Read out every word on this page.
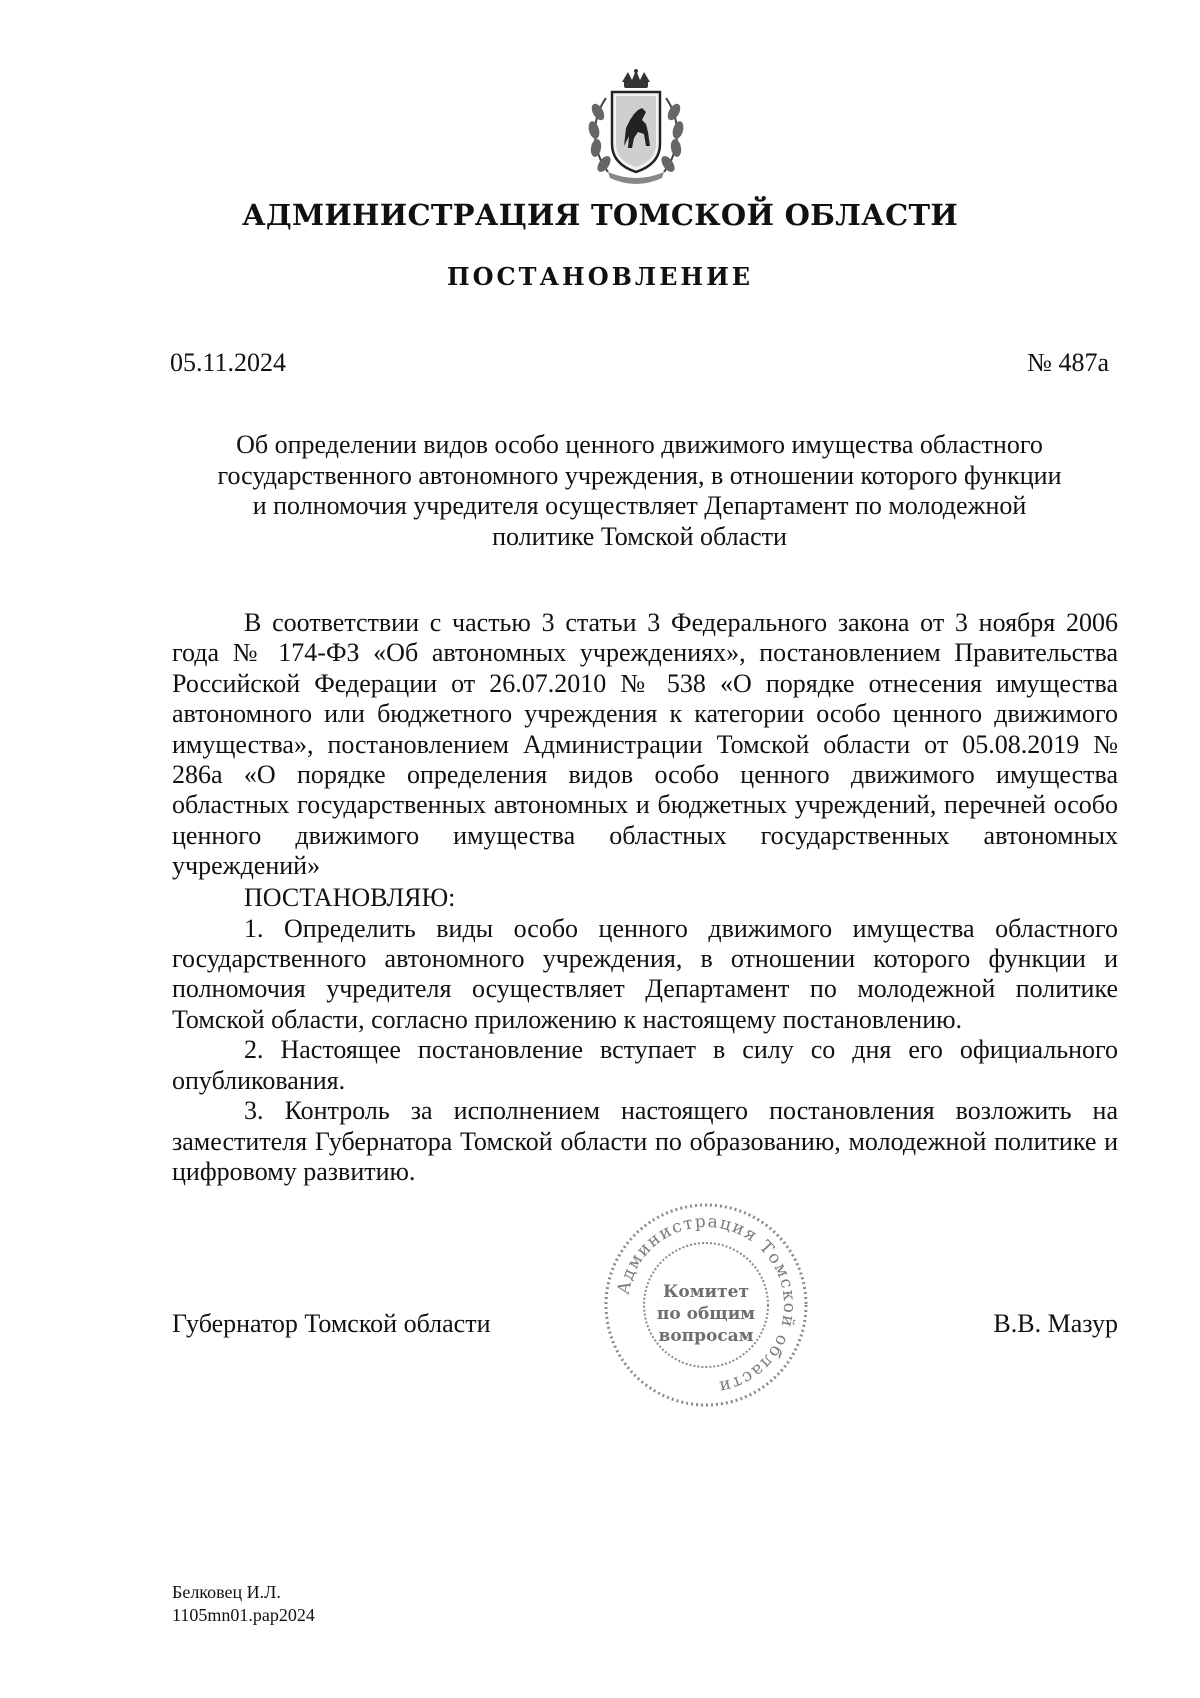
АДМИНИСТРАЦИЯ ТОМСКОЙ ОБЛАСТИ
ПОСТАНОВЛЕНИЕ
05.11.2024	№ 487а
Об определении видов особо ценного движимого имущества областного
государственного автономного учреждения, в отношении которого функции
и полномочия учредителя осуществляет Департамент по молодежной
политике Томской области

В соответствии с частью 3 статьи 3 Федерального закона от 3 ноября 2006 года № 174-ФЗ «Об автономных учреждениях», постановлением Правительства Российской Федерации от 26.07.2010 № 538 «О порядке отнесения имущества автономного или бюджетного учреждения к категории особо ценного движимого имущества», постановлением Администрации Томской области от 05.08.2019 № 286а «О порядке определения видов особо ценного движимого имущества областных государственных автономных и бюджетных учреждений, перечней особо ценного движимого имущества областных государственных автономных учреждений»

ПОСТАНОВЛЯЮ:

1. Определить виды особо ценного движимого имущества областного государственного автономного учреждения, в отношении которого функции и полномочия учредителя осуществляет Департамент по молодежной политике Томской области, согласно приложению к настоящему постановлению.

2. Настоящее постановление вступает в силу со дня его официального опубликования.

3. Контроль за исполнением настоящего постановления возложить на заместителя Губернатора Томской области по образованию, молодежной политике и цифровому развитию.

Губернатор Томской области	В.В. Мазур
Администрация Томской области
Комитет
по общим
вопросам
Белковец И.Л.
1105mn01.рар2024
